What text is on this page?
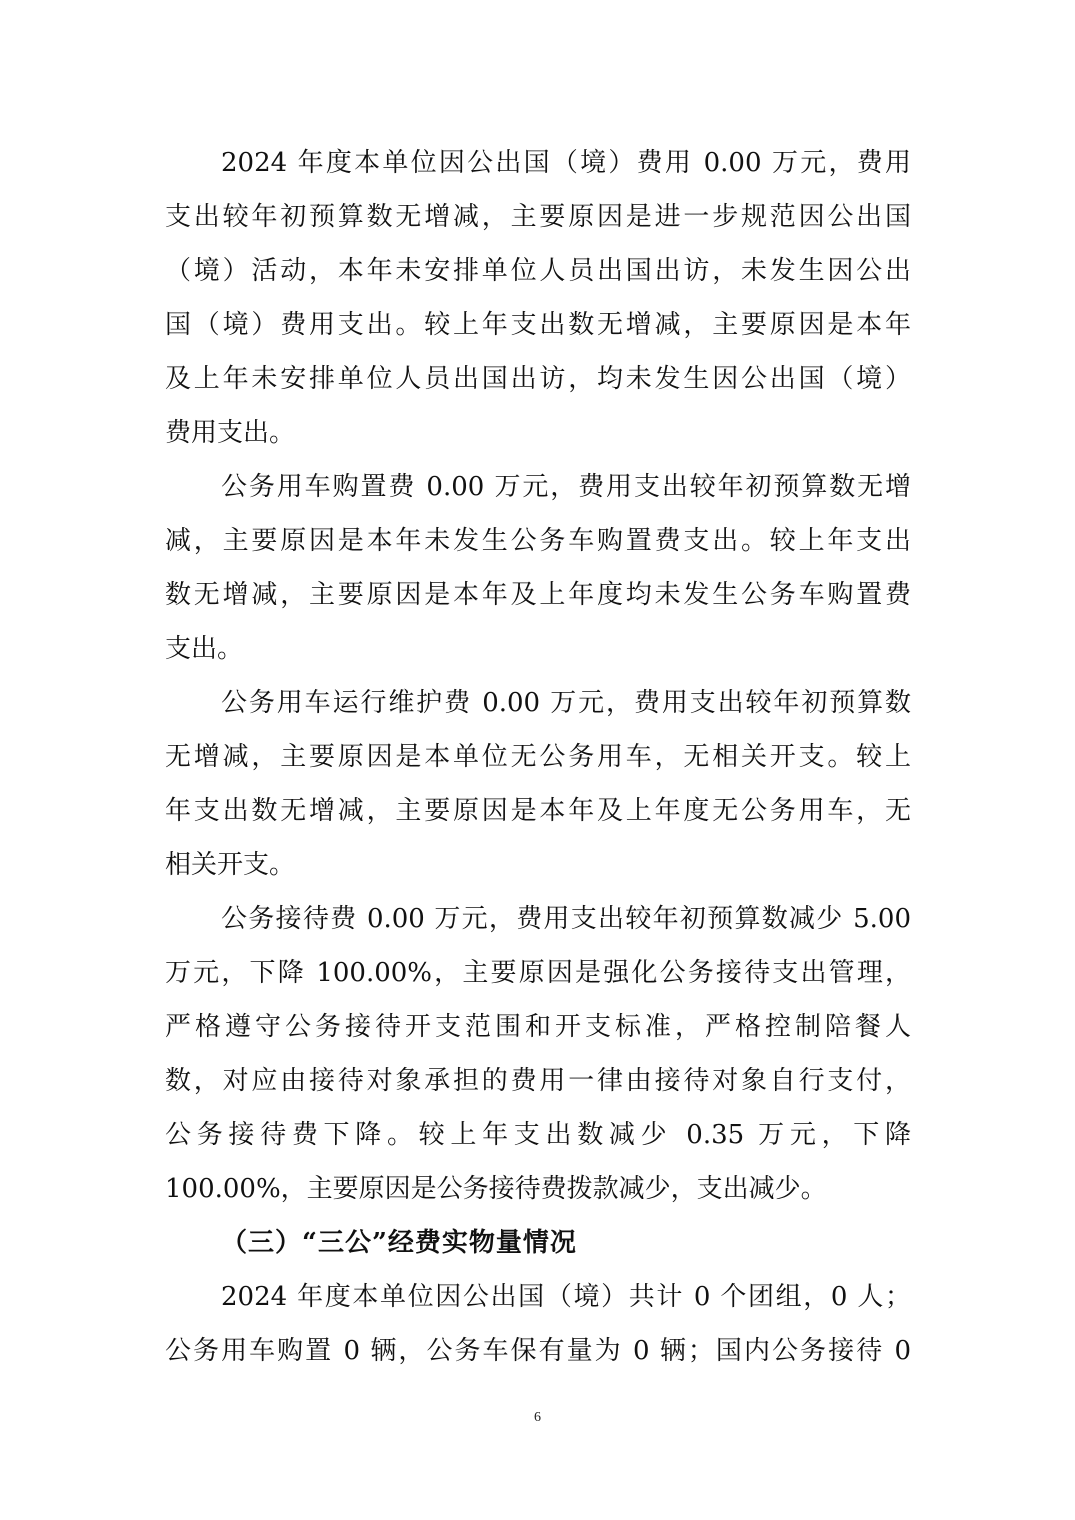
2024 年度本单位因公出国（境）费用 0.00 万元，费用
支出较年初预算数无增减，主要原因是进一步规范因公出国
（境）活动，本年未安排单位人员出国出访，未发生因公出
国（境）费用支出。较上年支出数无增减，主要原因是本年
及上年未安排单位人员出国出访，均未发生因公出国（境）
费用支出。
公务用车购置费 0.00 万元，费用支出较年初预算数无增
减，主要原因是本年未发生公务车购置费支出。较上年支出
数无增减，主要原因是本年及上年度均未发生公务车购置费
支出。
公务用车运行维护费 0.00 万元，费用支出较年初预算数
无增减，主要原因是本单位无公务用车，无相关开支。较上
年支出数无增减，主要原因是本年及上年度无公务用车，无
相关开支。
公务接待费 0.00 万元，费用支出较年初预算数减少 5.00
万元，下降 100.00%，主要原因是强化公务接待支出管理，
严格遵守公务接待开支范围和开支标准，严格控制陪餐人
数，对应由接待对象承担的费用一律由接待对象自行支付，
公务接待费下降。较上年支出数减少 0.35 万元，下降
100.00%，主要原因是公务接待费拨款减少，支出减少。
（三）“三公”经费实物量情况
2024 年度本单位因公出国（境）共计 0 个团组，0 人；
公务用车购置 0 辆，公务车保有量为 0 辆；国内公务接待 0
6
